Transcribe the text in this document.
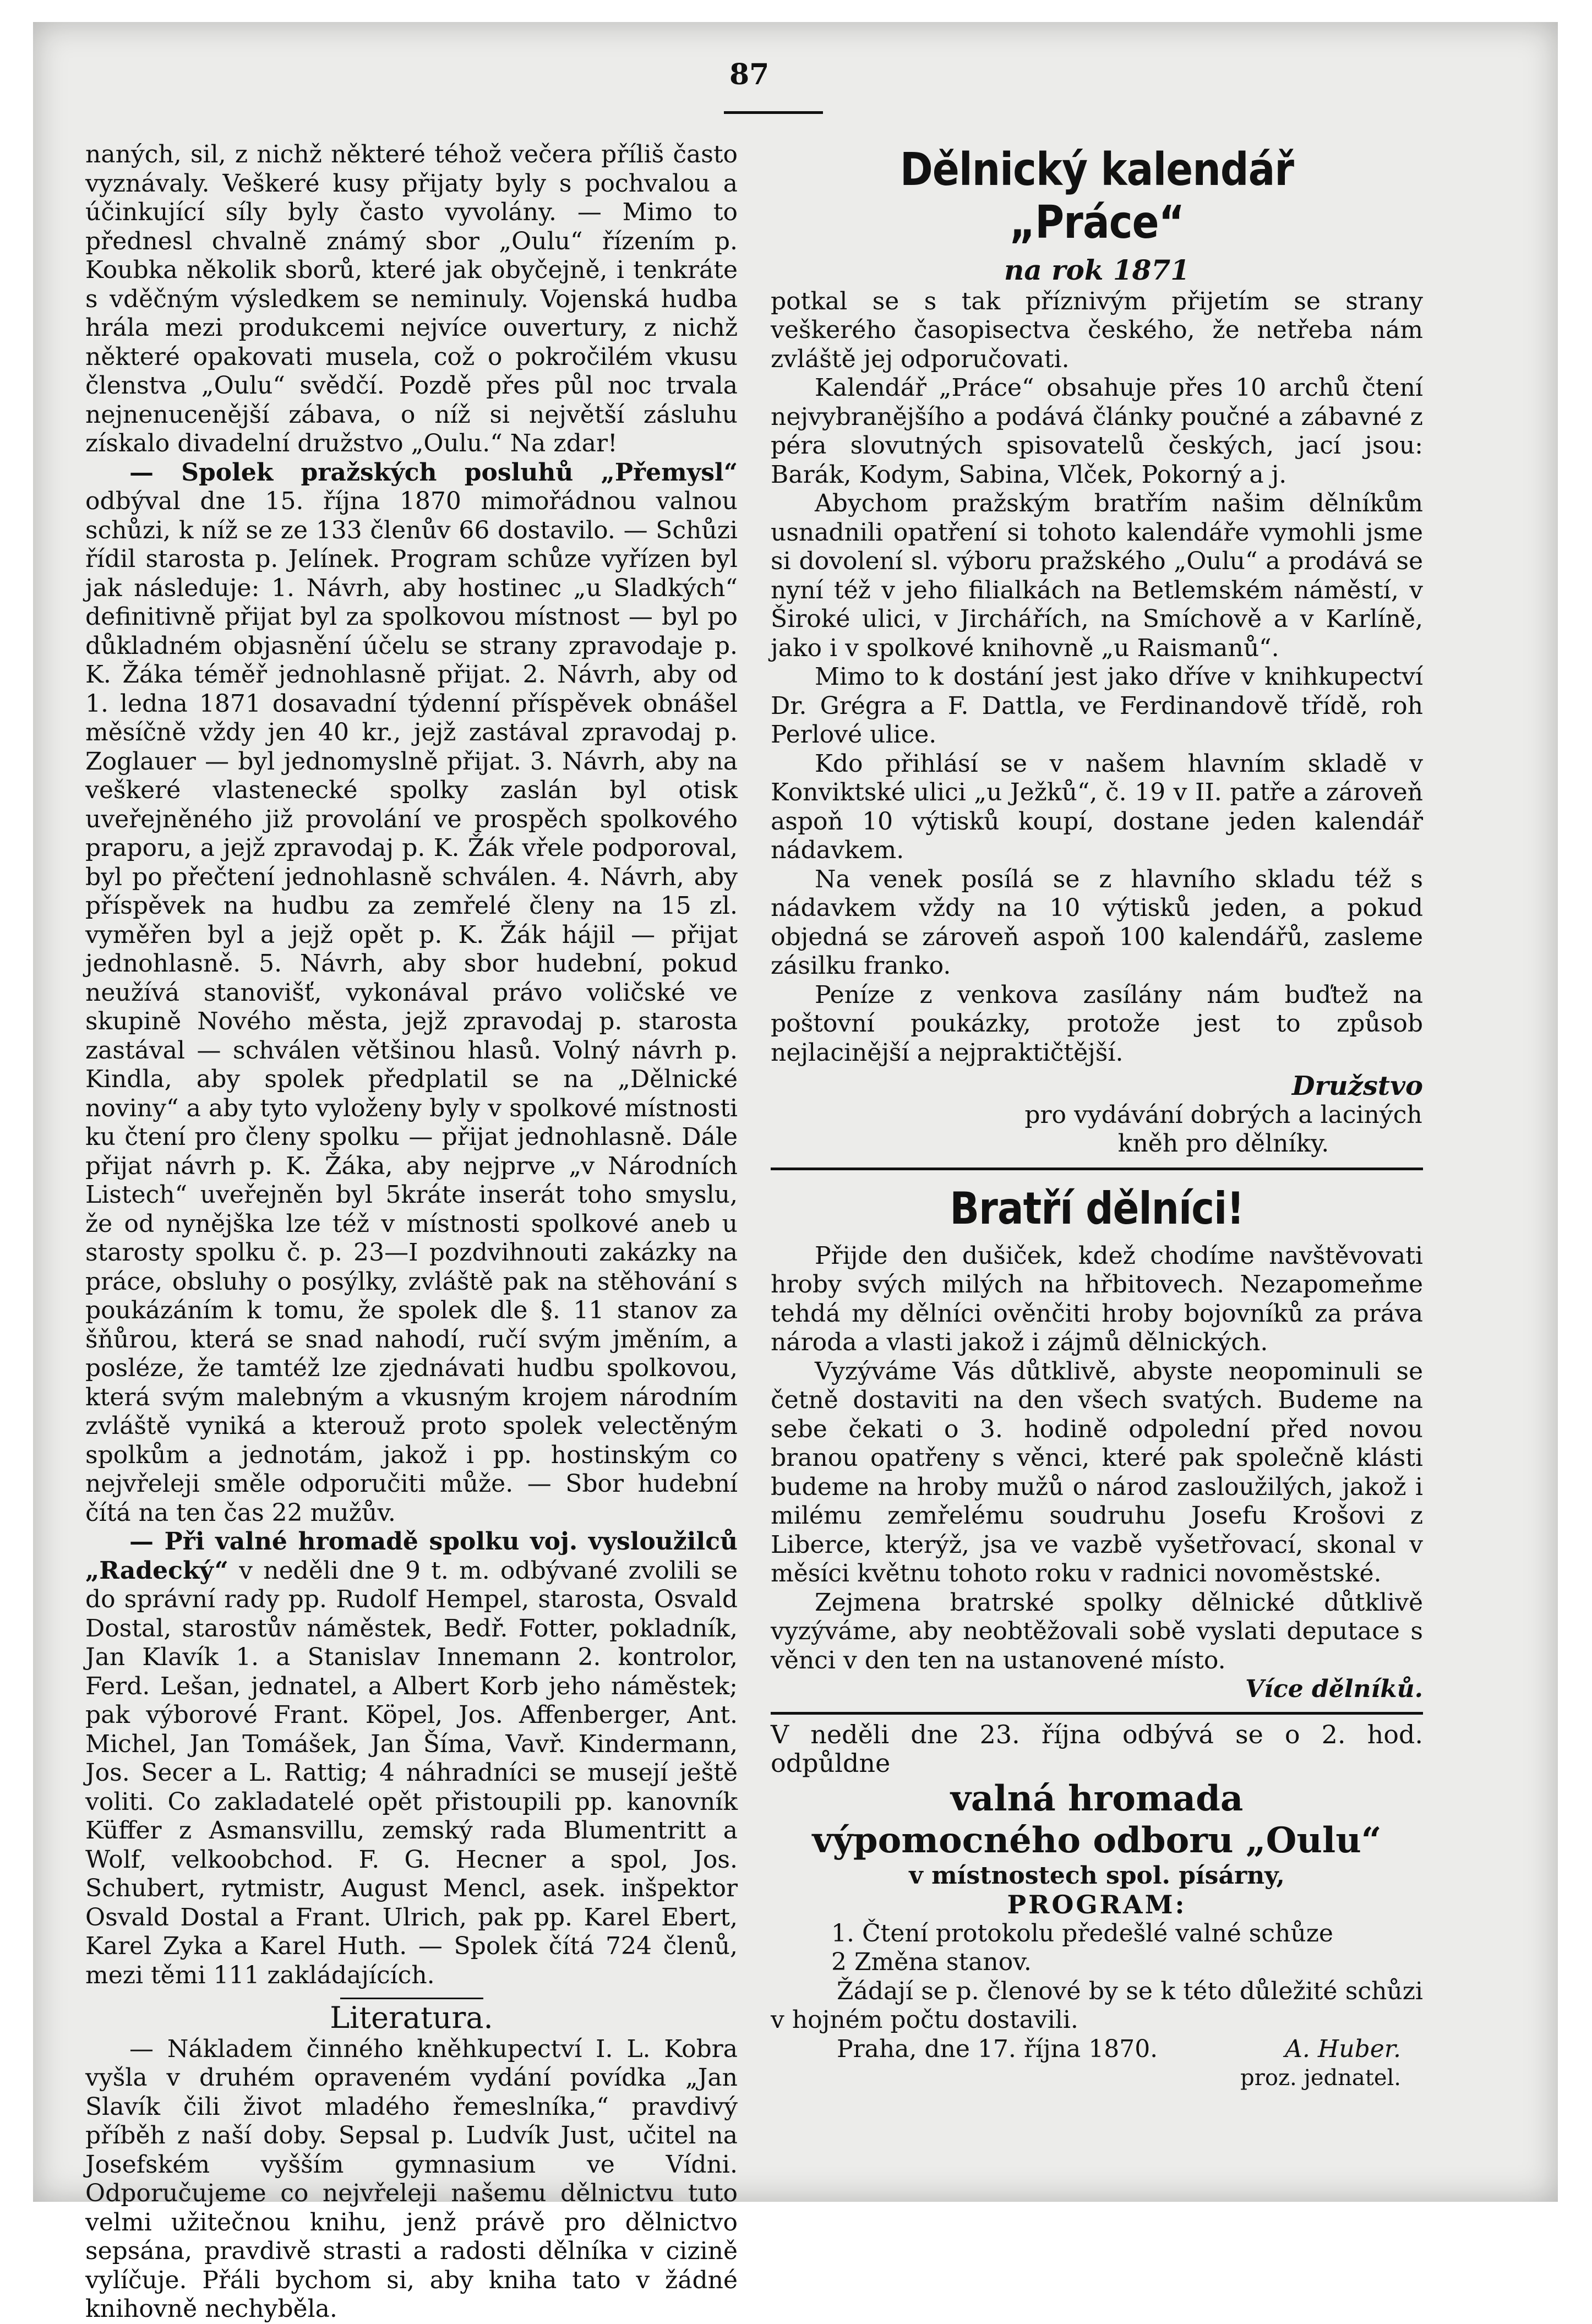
87

naných, sil, z nichž některé téhož večera příliš často vyznávaly. Veškeré kusy přijaty byly s pochvalou a účinkující síly byly často vyvolány. — Mimo to přednesl chvalně známý sbor „Oulu“ řízením p. Koubka několik sborů, které jak obyčejně, i tenkráte s vděčným výsledkem se neminuly. Vojenská hudba hrála mezi produkcemi nejvíce ouvertury, z nichž některé opakovati musela, což o pokročilém vkusu členstva „Oulu“ svědčí. Pozdě přes půl noc trvala nejnenucenější zábava, o níž si největší zásluhu získalo divadelní družstvo „Oulu.“ Na zdar!

— Spolek pražských posluhů „Přemysl“ odbýval dne 15. října 1870 mimořádnou valnou schůzi, k níž se ze 133 členův 66 dostavilo. — Schůzi řídil starosta p. Jelínek. Program schůze vyřízen byl jak následuje: 1. Návrh, aby hostinec „u Sladkých“ definitivně přijat byl za spolkovou místnost — byl po důkladném objasnění účelu se strany zpravodaje p. K. Žáka téměř jednohlasně přijat. 2. Návrh, aby od 1. ledna 1871 dosavadní týdenní příspěvek obnášel měsíčně vždy jen 40 kr., jejž zastával zpravodaj p. Zoglauer — byl jednomyslně přijat. 3. Návrh, aby na veškeré vlastenecké spolky zaslán byl otisk uveřejněného již provolání ve prospěch spolkového praporu, a jejž zpravodaj p. K. Žák vřele podporoval, byl po přečtení jednohlasně schválen. 4. Návrh, aby příspěvek na hudbu za zemřelé členy na 15 zl. vyměřen byl a jejž opět p. K. Žák hájil — přijat jednohlasně. 5. Návrh, aby sbor hudební, pokud neužívá stanovišť, vykonával právo voličské ve skupině Nového města, jejž zpravodaj p. starosta zastával — schválen většinou hlasů. Volný návrh p. Kindla, aby spolek předplatil se na „Dělnické noviny“ a aby tyto vyloženy byly v spolkové místnosti ku čtení pro členy spolku — přijat jednohlasně. Dále přijat návrh p. K. Žáka, aby nejprve „v Národních Listech“ uveřejněn byl 5kráte inserát toho smyslu, že od nynějška lze též v místnosti spolkové aneb u starosty spolku č. p. 23—I pozdvihnouti zakázky na práce, obsluhy o posýlky, zvláště pak na stěhování s poukázáním k tomu, že spolek dle §. 11 stanov za šňůrou, která se snad nahodí, ručí svým jměním, a posléze, že tamtéž lze zjednávati hudbu spolkovou, která svým malebným a vkusným krojem národním zvláště vyniká a kterouž proto spolek velectěným spolkům a jednotám, jakož i pp. hostinským co nejvřeleji směle odporučiti může. — Sbor hudební čítá na ten čas 22 mužův.

— Při valné hromadě spolku voj. vysloužilců „Radecký“ v neděli dne 9 t. m. odbývané zvolili se do správní rady pp. Rudolf Hempel, starosta, Osvald Dostal, starostův náměstek, Bedř. Fotter, pokladník, Jan Klavík 1. a Stanislav Innemann 2. kontrolor, Ferd. Lešan, jednatel, a Albert Korb jeho náměstek; pak výborové Frant. Köpel, Jos. Affenberger, Ant. Michel, Jan Tomášek, Jan Šíma, Vavř. Kindermann, Jos. Secer a L. Rattig; 4 náhradníci se musejí ještě voliti. Co zakladatelé opět přistoupili pp. kanovník Küffer z Asmansvillu, zemský rada Blumentritt a Wolf, velkoobchod. F. G. Hecner a spol, Jos. Schubert, rytmistr, August Mencl, asek. inšpektor Osvald Dostal a Frant. Ulrich, pak pp. Karel Ebert, Karel Zyka a Karel Huth. — Spolek čítá 724 členů, mezi těmi 111 zakládajících.

Literatura.

— Nákladem činného kněhkupectví I. L. Kobra vyšla v druhém opraveném vydání povídka „Jan Slavík čili život mladého řemeslníka,“ pravdivý příběh z naší doby. Sepsal p. Ludvík Just, učitel na Josefském vyšším gymnasium ve Vídni. Odporučujeme co nejvřeleji našemu dělnictvu tuto velmi užitečnou knihu, jenž právě pro dělnictvo sepsána, pravdivě strasti a radosti dělníka v cizině vylíčuje. Přáli bychom si, aby kniha tato v žádné knihovně nechyběla.

Dělnický kalendář „Práce“
na rok 1871

potkal se s tak příznivým přijetím se strany veškerého časopisectva českého, že netřeba nám zvláště jej odporučovati.

Kalendář „Práce“ obsahuje přes 10 archů čtení nejvybranějšího a podává články poučné a zábavné z péra slovutných spisovatelů českých, jací jsou: Barák, Kodym, Sabina, Vlček, Pokorný a j.

Abychom pražským bratřím našim dělníkům usnadnili opatření si tohoto kalendáře vymohli jsme si dovolení sl. výboru pražského „Oulu“ a prodává se nyní též v jeho filialkách na Betlemském náměstí, v Široké ulici, v Jirchářích, na Smíchově a v Karlíně, jako i v spolkové knihovně „u Raismanů“.

Mimo to k dostání jest jako dříve v knihkupectví Dr. Grégra a F. Dattla, ve Ferdinandově třídě, roh Perlové ulice.

Kdo přihlásí se v našem hlavním skladě v Konviktské ulici „u Ježků“, č. 19 v II. patře a zároveň aspoň 10 výtisků koupí, dostane jeden kalendář nádavkem.

Na venek posílá se z hlavního skladu též s nádavkem vždy na 10 výtisků jeden, a pokud objedná se zároveň aspoň 100 kalendářů, zasleme zásilku franko.

Peníze z venkova zasílány nám buďtež na poštovní poukázky, protože jest to způsob nejlacinější a nejpraktičtější.

Družstvo

pro vydávání dobrých a laciných kněh pro dělníky.

Bratří dělníci!

Přijde den dušiček, kdež chodíme navštěvovati hroby svých milých na hřbitovech. Nezapomeňme tehdá my dělníci ověnčiti hroby bojovníků za práva národa a vlasti jakož i zájmů dělnických.

Vyzýváme Vás důtklivě, abyste neopominuli se četně dostaviti na den všech svatých. Budeme na sebe čekati o 3. hodině odpolední před novou branou opatřeny s věnci, které pak společně klásti budeme na hroby mužů o národ zasloužilých, jakož i milému zemřelému soudruhu Josefu Krošovi z Liberce, kterýž, jsa ve vazbě vyšetřovací, skonal v měsíci květnu tohoto roku v radnici novoměstské.

Zejmena bratrské spolky dělnické důtklivě vyzýváme, aby neobtěžovali sobě vyslati deputace s věnci v den ten na ustanovené místo.

Více dělníků.

V neděli dne 23. října odbývá se o 2. hod. odpůldne

valná hromada
výpomocného odboru „Oulu“
v místnostech spol. písárny,
PROGRAM:

1. Čtení protokolu předešlé valné schůze

2 Změna stanov.

Žádají se p. členové by se k této důležité schůzi v hojném počtu dostavili.

Praha, dne 17. října 1870.	A. Huber.
proz. jednatel.
